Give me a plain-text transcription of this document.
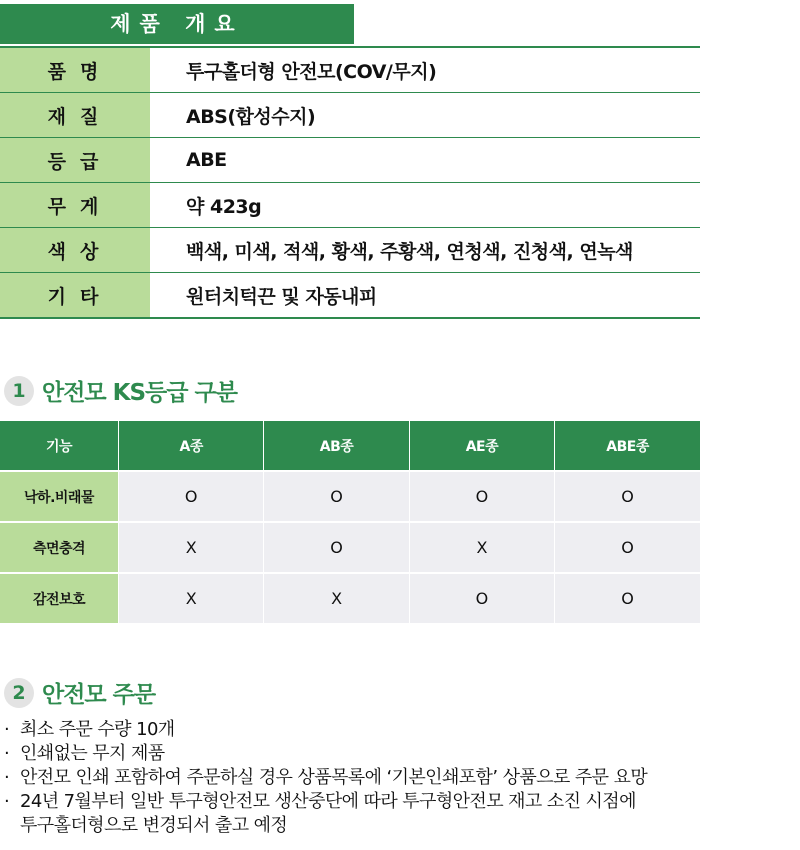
제품 개요
품명	투구홀더형 안전모(COV/무지)
재질	ABS(합성수지)
등급	ABE
무게	약 423g
색상	백색, 미색, 적색, 황색, 주황색, 연청색, 진청색, 연녹색
기타	원터치턱끈 및 자동내피
1 안전모 KS등급 구분
기능	A종	AB종	AE종	ABE종
낙하.비래물	O	O	O	O
측면충격	X	O	X	O
감전보호	X	X	O	O
2 안전모 주문
· 최소 주문 수량 10개
· 인쇄없는 무지 제품
· 안전모 인쇄 포함하여 주문하실 경우 상품목록에 ‘기본인쇄포함’ 상품으로 주문 요망
· 24년 7월부터 일반 투구형안전모 생산중단에 따라 투구형안전모 재고 소진 시점에
투구홀더형으로 변경되서 출고 예정
